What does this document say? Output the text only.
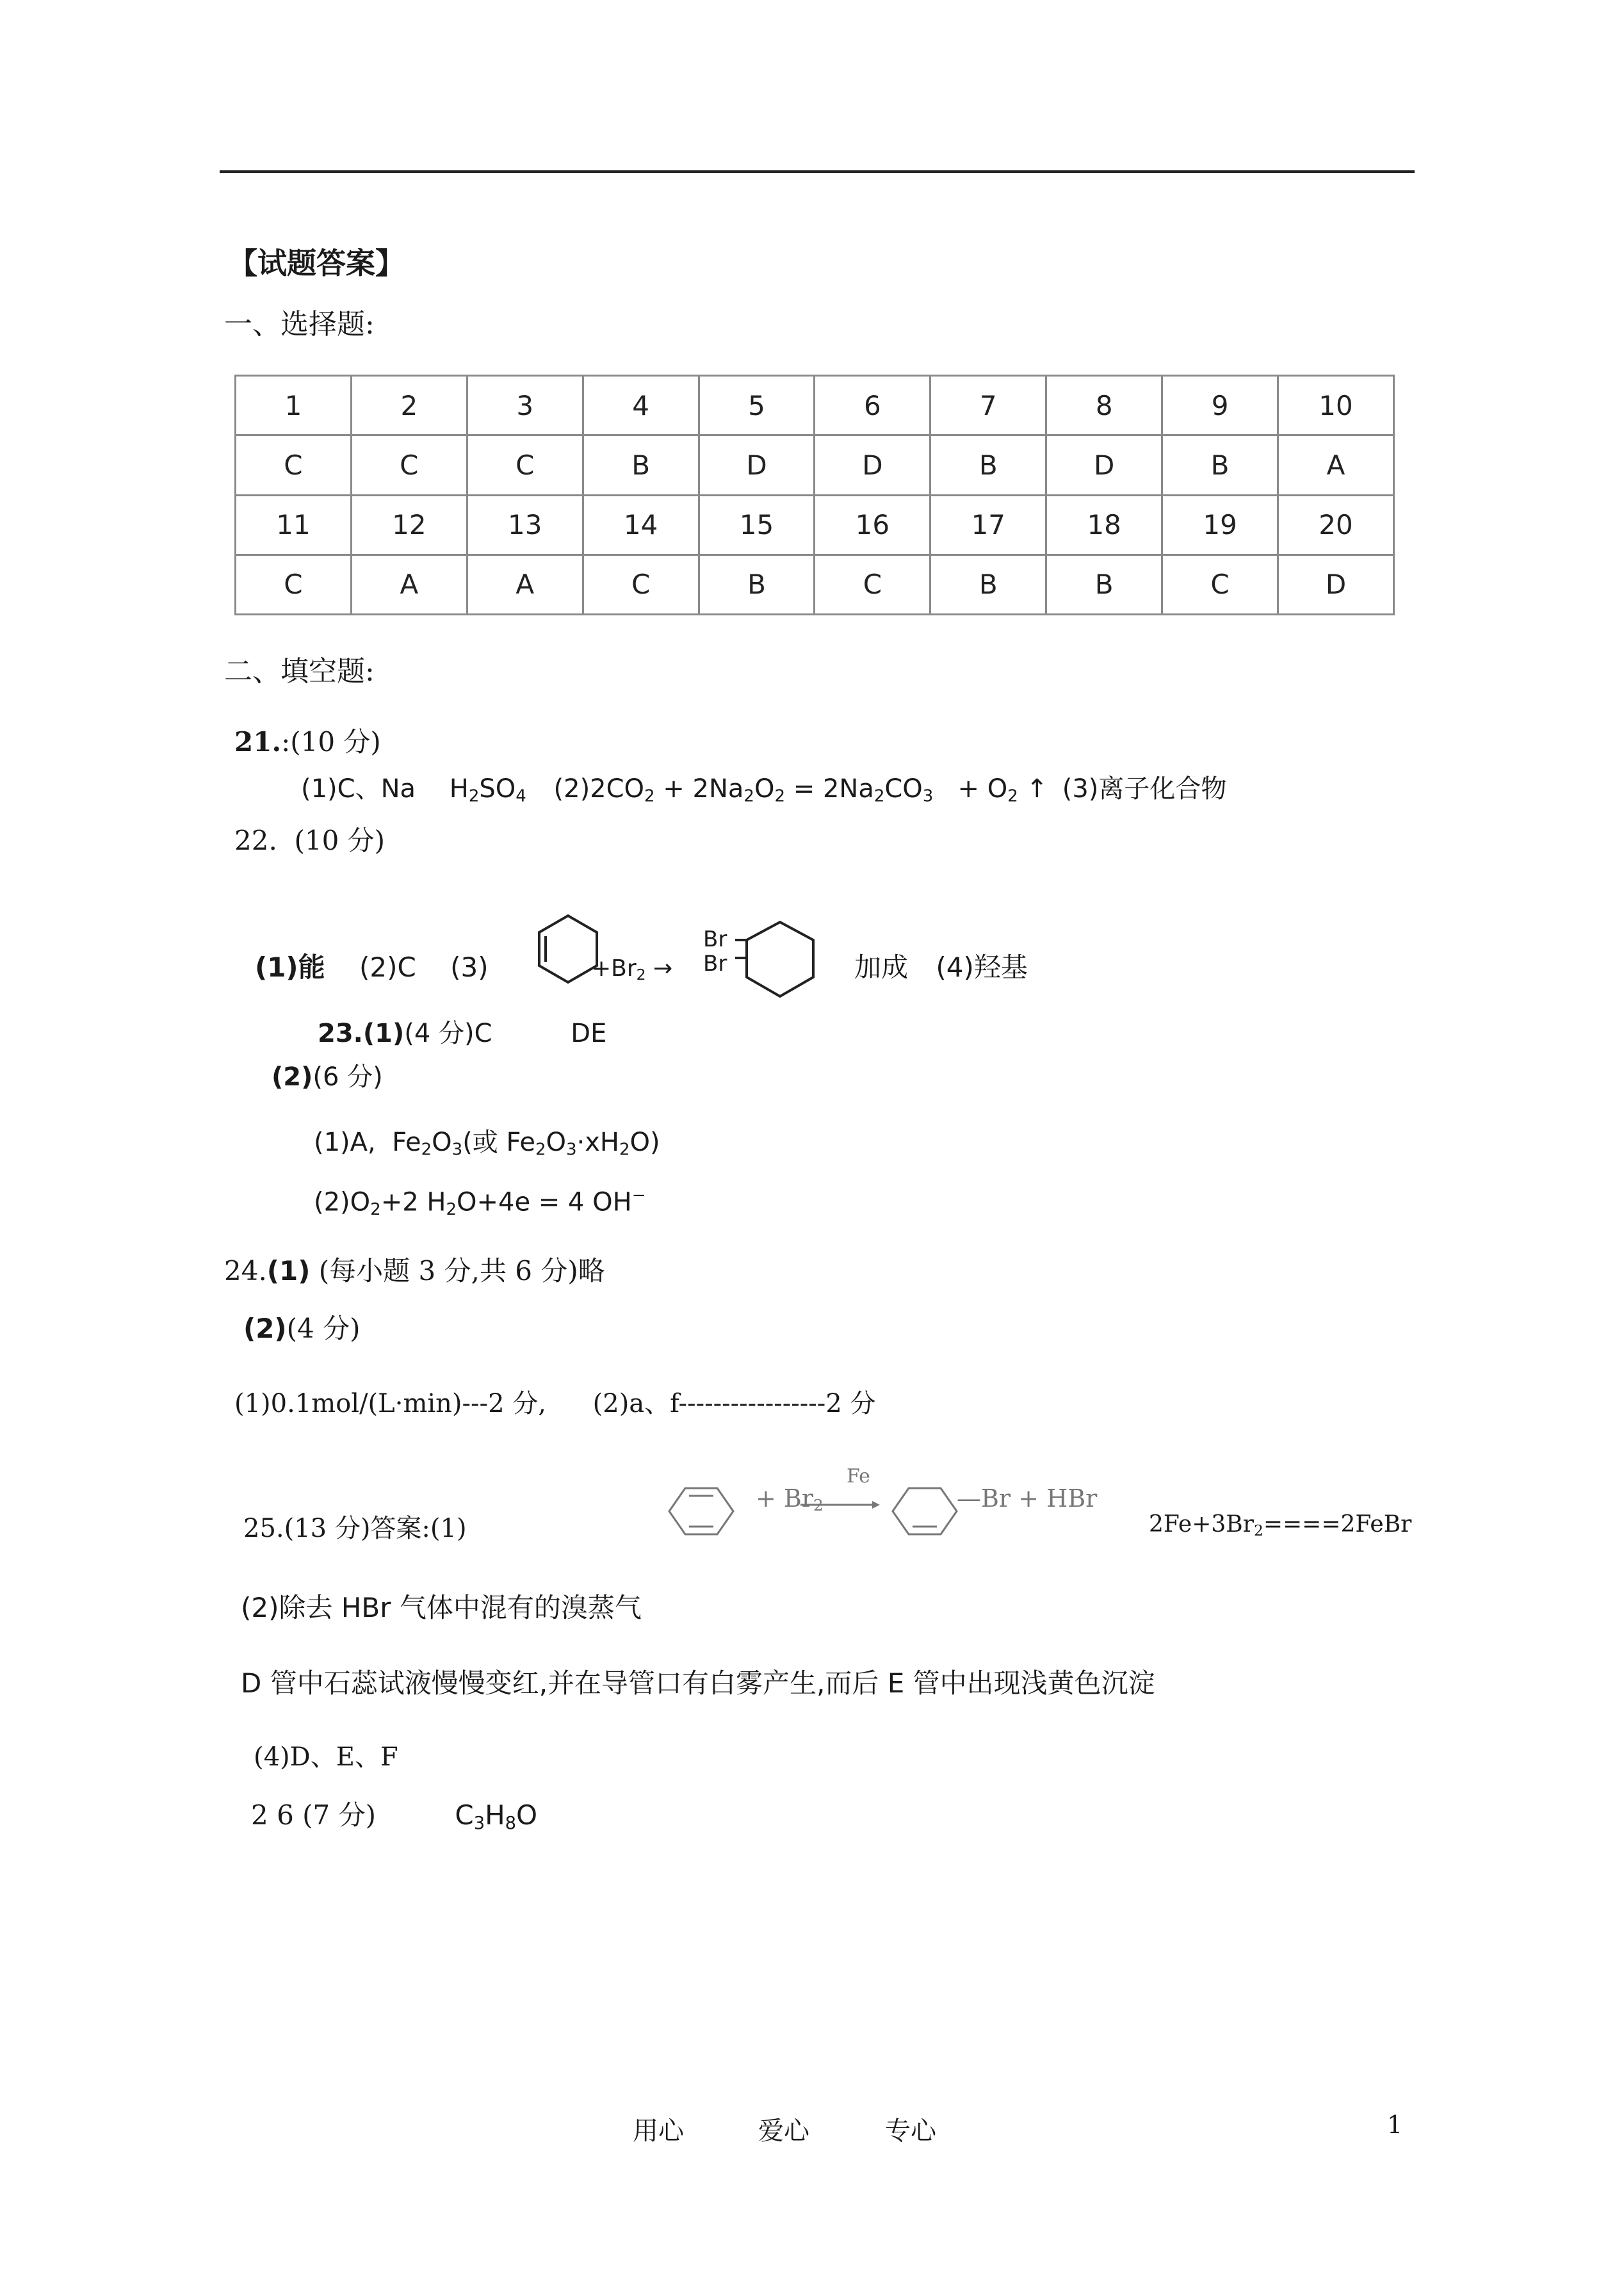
【试题答案】
一、选择题:
1	2	3	4	5	6	7	8	9	10
C	C	C	B	D	D	B	D	B	A
11	12	13	14	15	16	17	18	19	20
C	A	A	C	B	C	B	B	C	D
二、填空题:
21.:(10 分)
(1)C、Na $H_2SO_4$ $(2)2CO_2 + 2Na_2O_2 = 2Na_2CO_3 + O_2$ ↑ (3)离子化合物
22. (10 分)
(1)能 (2)C (3)	$+Br_2$ →
Br
Br	加成 (4)羟基
23.(1)(4 分)C	DE
(2)(6 分)
(1)A, $Fe_2O_3$(或 $Fe_2O_3\cdot xH_2O$)
$(2)O_2+2$ $H_2O+4e = 4$ OH−
24.(1) (每小题 3 分,共 6 分)略
(2)(4 分)
(1)0.1mol/(L·min)---2 分, (2)a、f-----------------2 分
25.(13 分)答案:(1)
+ $Br_2$
Fe
—Br + HBr
$2Fe+3Br_2====2FeBr$
(2)除去 HBr 气体中混有的溴蒸气
D 管中石蕊试液慢慢变红,并在导管口有白雾产生,而后 E 管中出现浅黄色沉淀
(4)D、E、F
2 6 (7 分)	$C_3H_8O$
用心	爱心	专心	1
